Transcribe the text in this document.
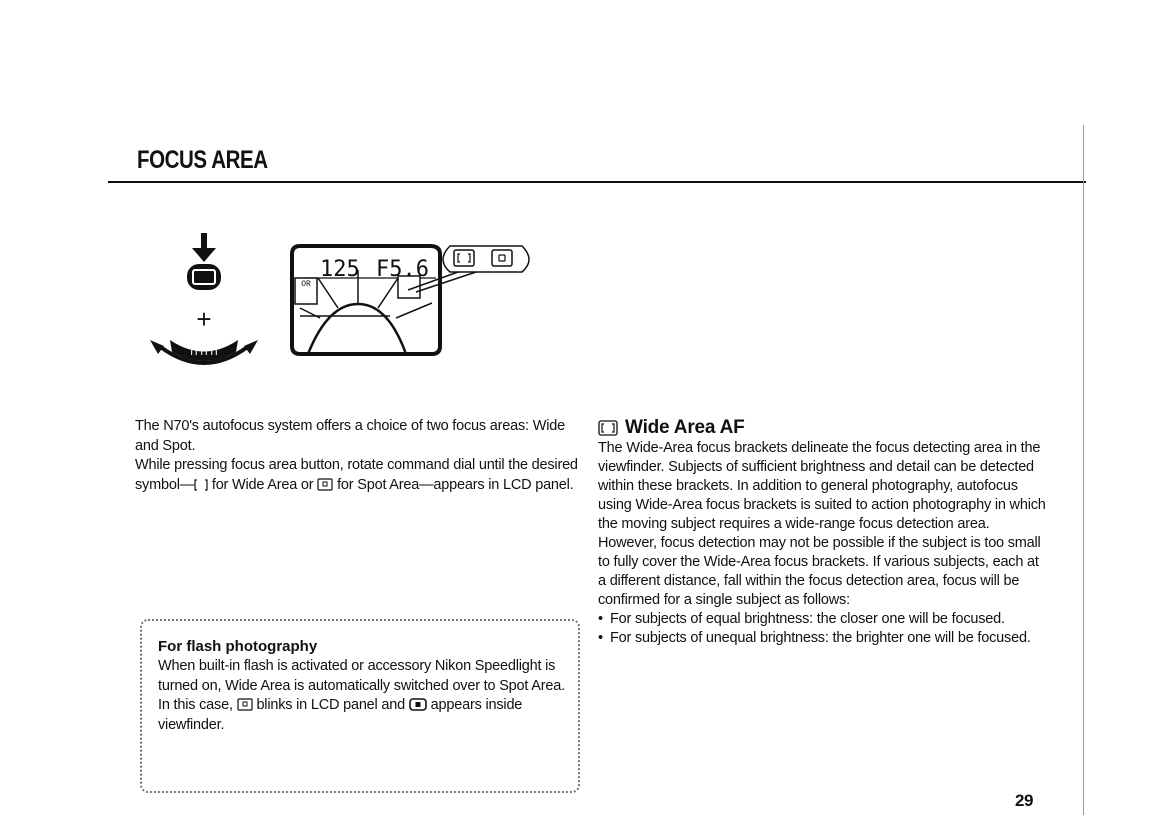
FOCUS AREA
+
ꓵ ꓵ ꓵ
OR
125 F5.6

The N70's autofocus system offers a choice of two focus areas: Wide and Spot.

While pressing focus area button, rotate command dial until the desired symbol— for Wide Area or  for Spot Area—appears in LCD panel.

For flash photography
When built-in flash is activated or accessory Nikon Speedlight is turned on, Wide Area is automatically switched over to Spot Area. In this case,  blinks in LCD panel and  appears inside viewfinder.
Wide Area AF

The Wide-Area focus brackets delineate the focus detecting area in the viewfinder. Subjects of sufficient brightness and detail can be detected within these brackets. In addition to general photography, autofocus using Wide-Area focus brackets is suited to action photography in which the moving subject requires a wide-range focus detection area.

However, focus detection may not be possible if the subject is too small to fully cover the Wide-Area focus brackets. If various subjects, each at a different distance, fall within the focus detection area, focus will be confirmed for a single subject as follows:

• For subjects of equal brightness: the closer one will be focused.
• For subjects of unequal brightness: the brighter one will be focused.
29
